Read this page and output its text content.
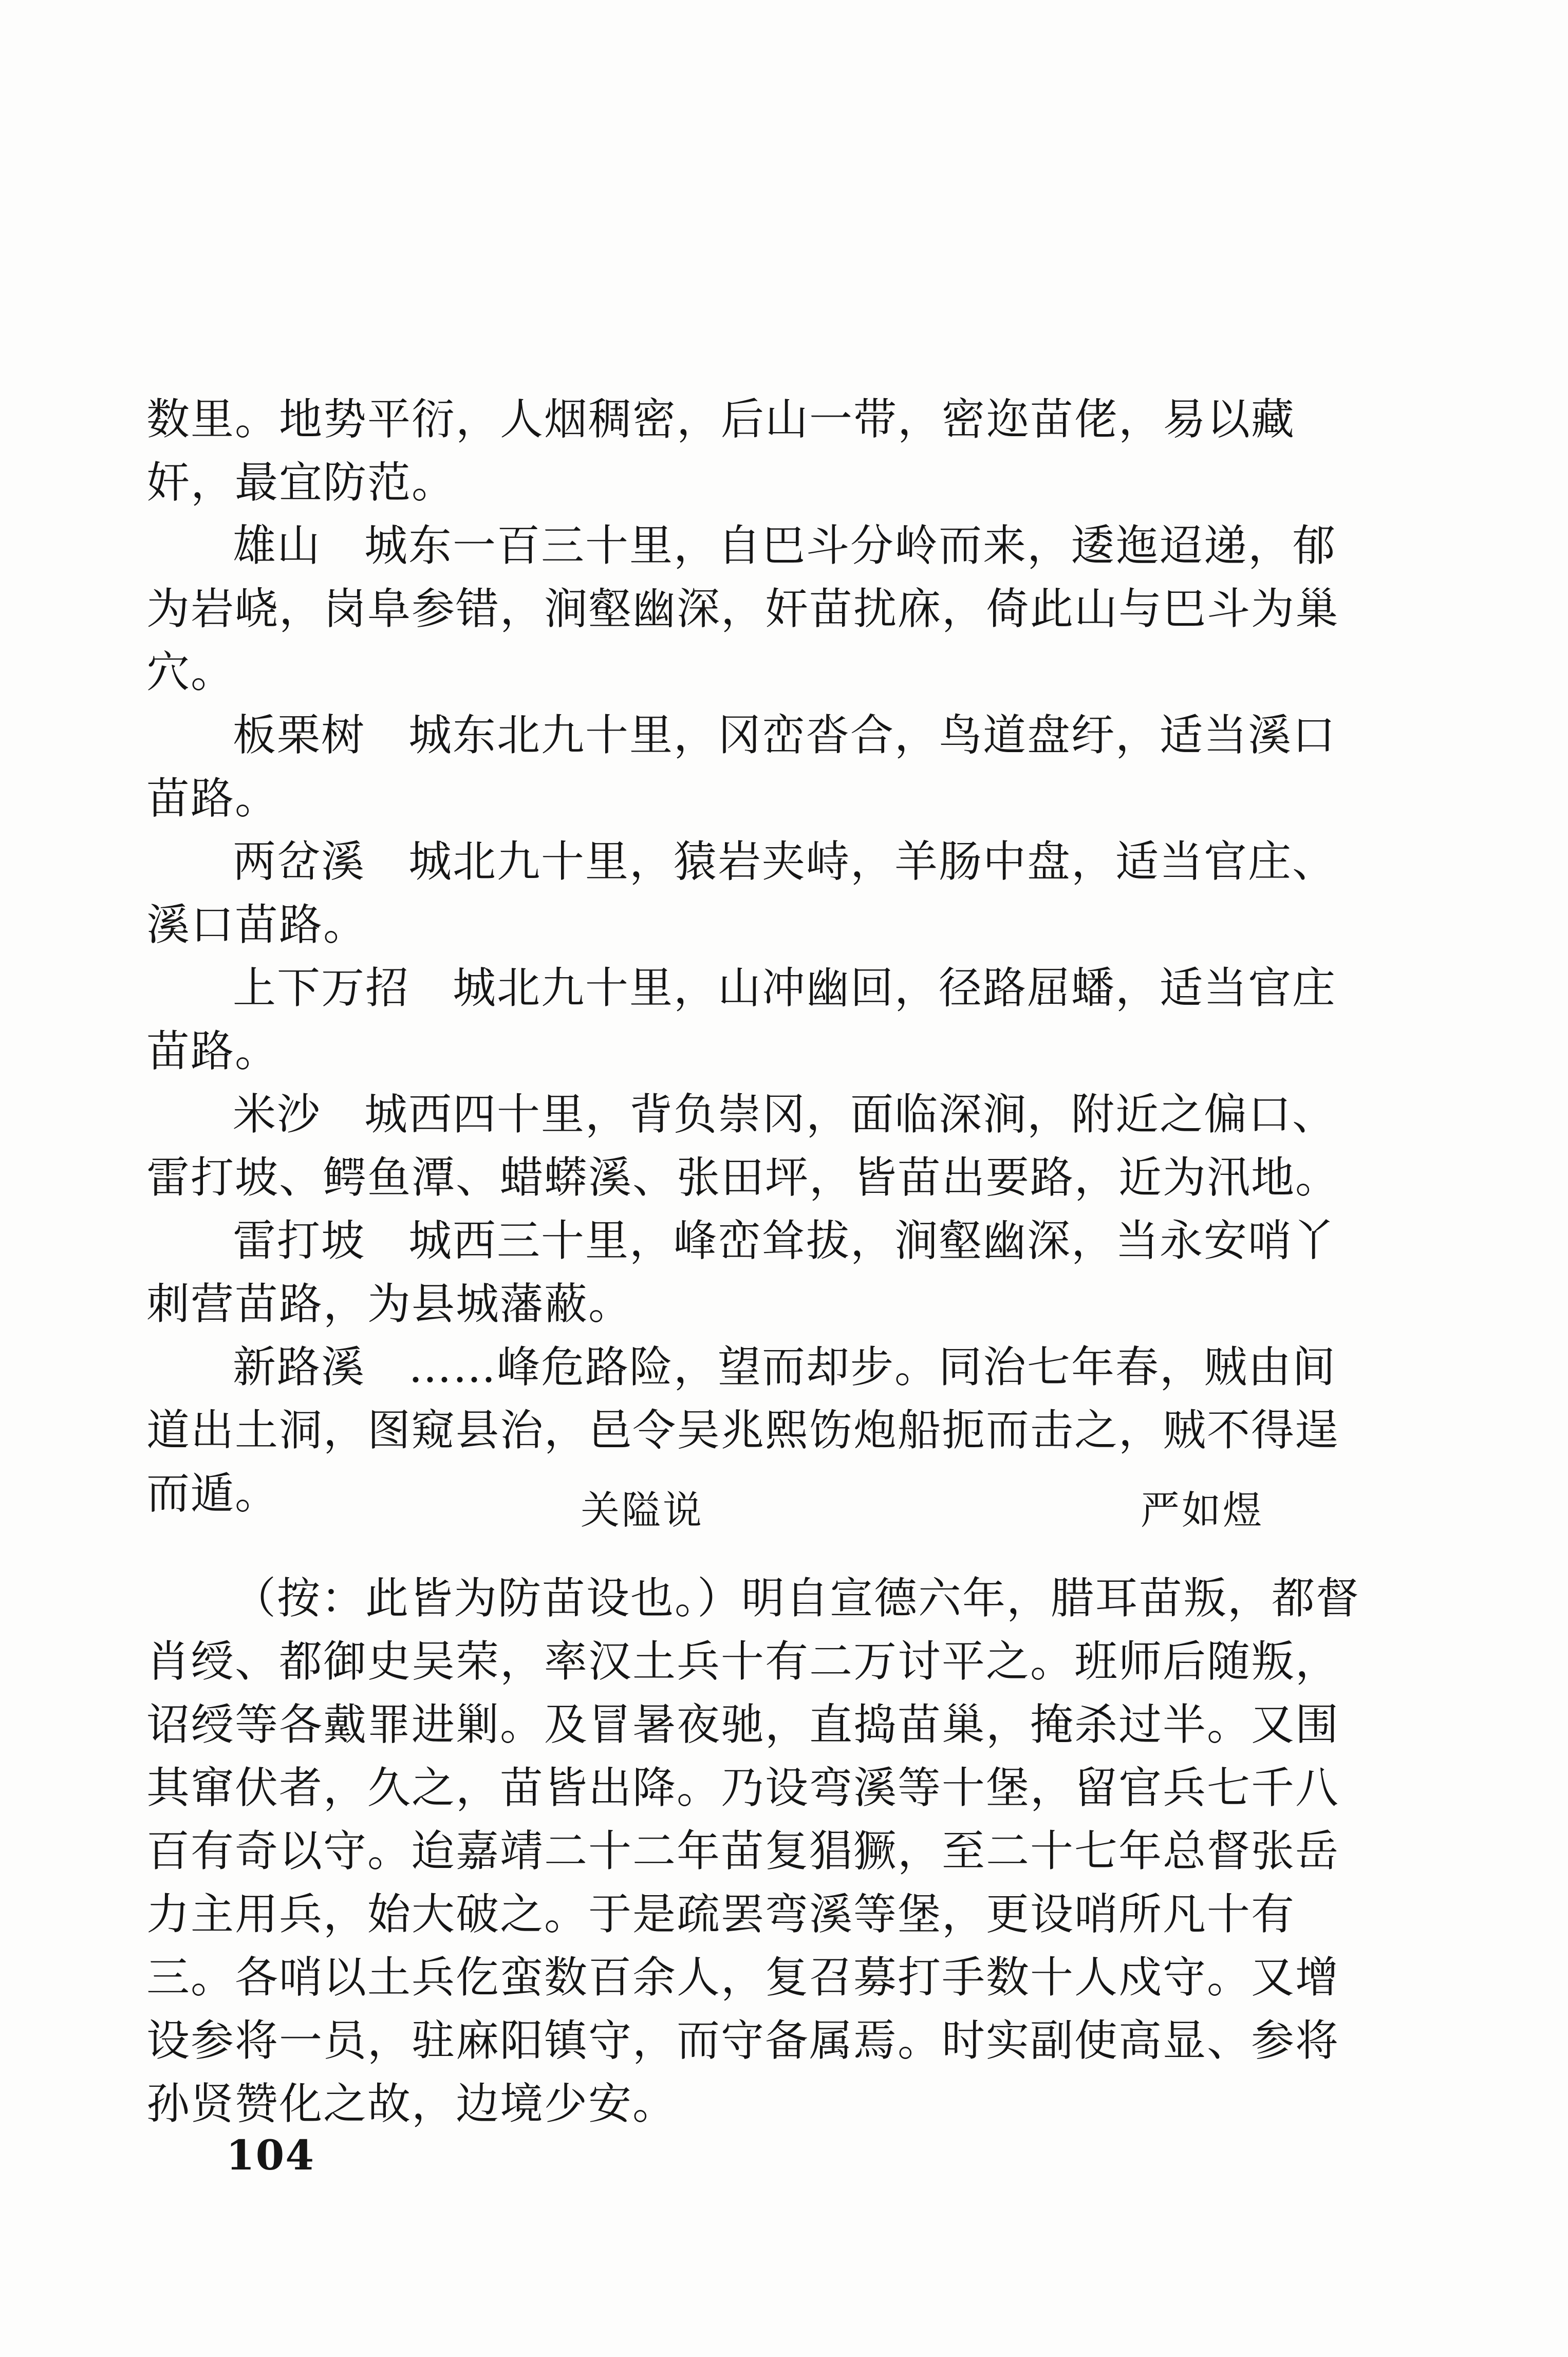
数里。地势平衍，人烟稠密，后山一带，密迩苗佬，易以藏奸，最宜防范。

雄山 城东一百三十里，自巴斗分岭而来，逶迤迢递，郁为岩峣，岗阜参错，涧壑幽深，奸苗扰庥，倚此山与巴斗为巢穴。

板栗树 城东北九十里，冈峦沓合，鸟道盘纡，适当溪口苗路。

两岔溪 城北九十里，猿岩夹峙，羊肠中盘，适当官庄、溪口苗路。

上下万招 城北九十里，山冲幽回，径路屈蟠，适当官庄苗路。

米沙 城西四十里，背负崇冈，面临深涧，附近之偏口、雷打坡、鳄鱼潭、蜡蟒溪、张田坪，皆苗出要路，近为汛地。

雷打坡 城西三十里，峰峦耸拔，涧壑幽深，当永安哨丫刺营苗路，为县城藩蔽。

新路溪 ……峰危路险，望而却步。同治七年春，贼由间道出土洞，图窥县治，邑令吴兆熙饬炮船扼而击之，贼不得逞而遁。	关隘说	严如煜

（按：此皆为防苗设也。）明自宣德六年，腊耳苗叛，都督肖绶、都御史吴荣，率汉土兵十有二万讨平之。班师后随叛，诏绶等各戴罪进剿。及冒暑夜驰，直捣苗巢，掩杀过半。又围其窜伏者，久之，苗皆出降。乃设弯溪等十堡，留官兵七千八百有奇以守。迨嘉靖二十二年苗复猖獗，至二十七年总督张岳力主用兵，始大破之。于是疏罢弯溪等堡，更设哨所凡十有三。各哨以土兵仡蛮数百余人，复召募打手数十人戍守。又增设参将一员，驻麻阳镇守，而守备属焉。时实副使高显、参将孙贤赞化之故，边境少安。

104
